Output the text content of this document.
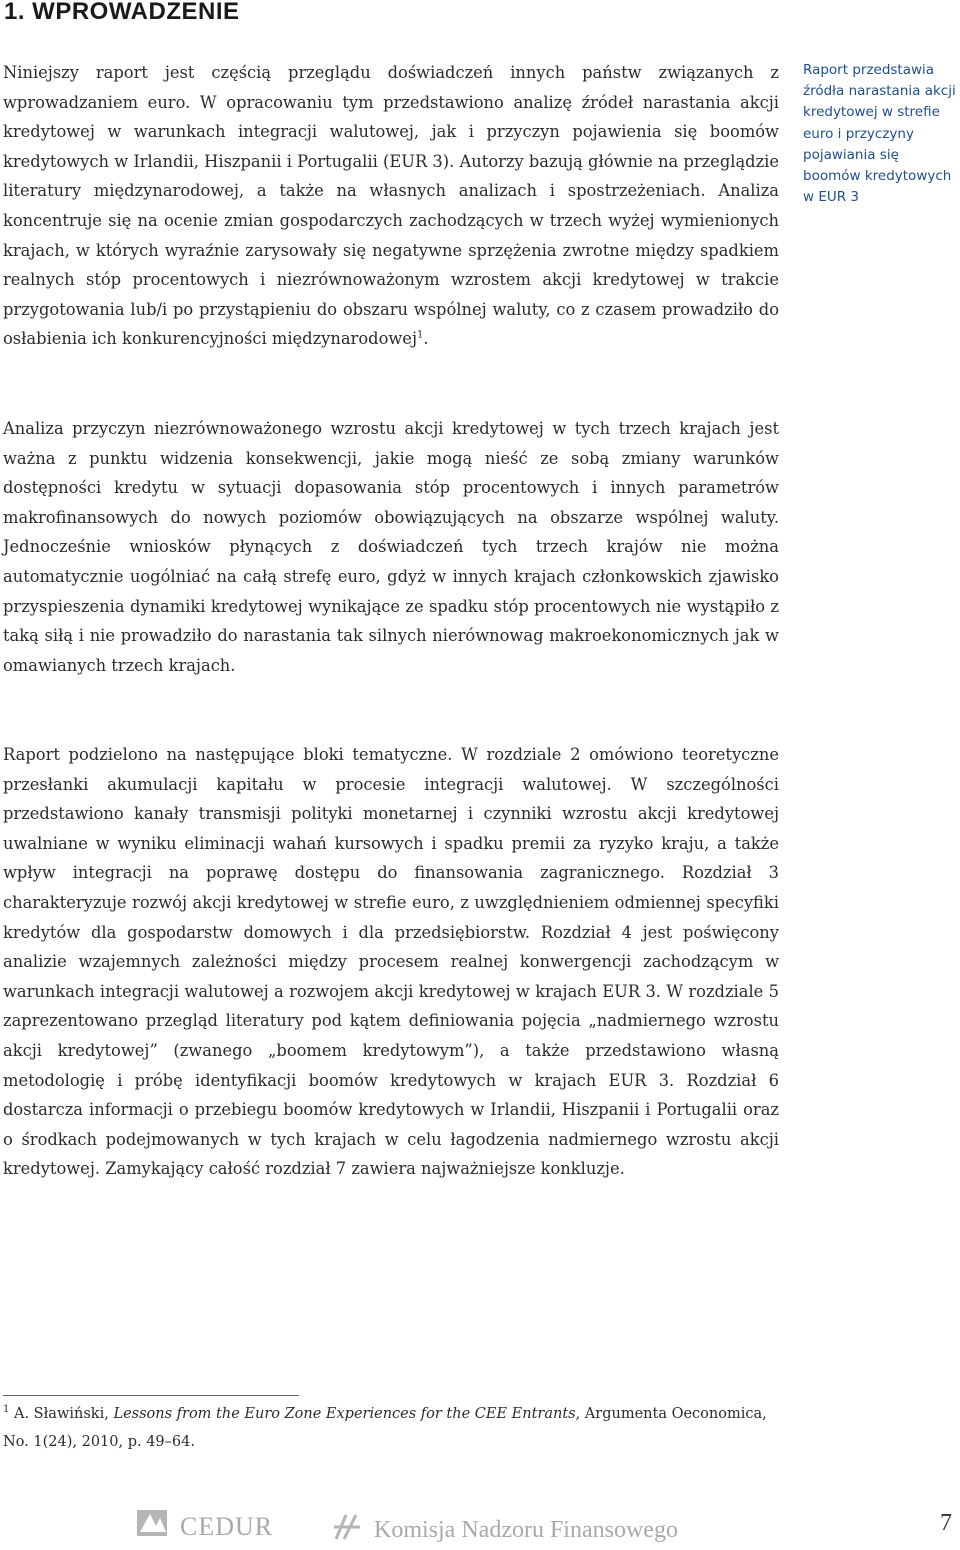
1. WPROWADZENIE

Niniejszy raport jest częścią przeglądu doświadczeń innych państw związanych z wprowadzaniem euro. W opracowaniu tym przedstawiono analizę źródeł narastania akcji kredytowej w warunkach integracji walutowej, jak i przyczyn pojawienia się boomów kredytowych w Irlandii, Hiszpanii i Portugalii (EUR 3). Autorzy bazują głównie na przeglądzie literatury międzynarodowej, a także na własnych analizach i spostrzeżeniach. Analiza koncentruje się na ocenie zmian gospodarczych zachodzących w trzech wyżej wymienionych krajach, w których wyraźnie zarysowały się negatywne sprzężenia zwrotne między spadkiem realnych stóp procentowych i niezrównoważonym wzrostem akcji kredytowej w trakcie przygotowania lub/i po przystąpieniu do obszaru wspólnej waluty, co z czasem prowadziło do osłabienia ich konkurencyjności międzynarodowej$^1$.

Raport przedstawia źródła narastania akcji kredytowej w strefie euro i przyczyny pojawiania się boomów kredytowych w EUR 3

Analiza przyczyn niezrównoważonego wzrostu akcji kredytowej w tych trzech krajach jest ważna z punktu widzenia konsekwencji, jakie mogą nieść ze sobą zmiany warunków dostępności kredytu w sytuacji dopasowania stóp procentowych i innych parametrów makrofinansowych do nowych poziomów obowiązujących na obszarze wspólnej waluty. Jednocześnie wniosków płynących z doświadczeń tych trzech krajów nie można automatycznie uogólniać na całą strefę euro, gdyż w innych krajach członkowskich zjawisko przyspieszenia dynamiki kredytowej wynikające ze spadku stóp procentowych nie wystąpiło z taką siłą i nie prowadziło do narastania tak silnych nierównowag makroekonomicznych jak w omawianych trzech krajach.

Raport podzielono na następujące bloki tematyczne. W rozdziale 2 omówiono teoretyczne przesłanki akumulacji kapitału w procesie integracji walutowej. W szczególności przedstawiono kanały transmisji polityki monetarnej i czynniki wzrostu akcji kredytowej uwalniane w wyniku eliminacji wahań kursowych i spadku premii za ryzyko kraju, a także wpływ integracji na poprawę dostępu do finansowania zagranicznego. Rozdział 3 charakteryzuje rozwój akcji kredytowej w strefie euro, z uwzględnieniem odmiennej specyfiki kredytów dla gospodarstw domowych i dla przedsiębiorstw. Rozdział 4 jest poświęcony analizie wzajemnych zależności między procesem realnej konwergencji zachodzącym w warunkach integracji walutowej a rozwojem akcji kredytowej w krajach EUR 3. W rozdziale 5 zaprezentowano przegląd literatury pod kątem definiowania pojęcia „nadmiernego wzrostu akcji kredytowej” (zwanego „boomem kredytowym”), a także przedstawiono własną metodologię i próbę identyfikacji boomów kredytowych w krajach EUR 3. Rozdział 6 dostarcza informacji o przebiegu boomów kredytowych w Irlandii, Hiszpanii i Portugalii oraz o środkach podejmowanych w tych krajach w celu łagodzenia nadmiernego wzrostu akcji kredytowej. Zamykający całość rozdział 7 zawiera najważniejsze konkluzje.

$^1$ A. Sławiński, Lessons from the Euro Zone Experiences for the CEE Entrants, Argumenta Oeconomica, No. 1(24), 2010, p. 49–64.

CEDUR	Komisja Nadzoru Finansowego	7
